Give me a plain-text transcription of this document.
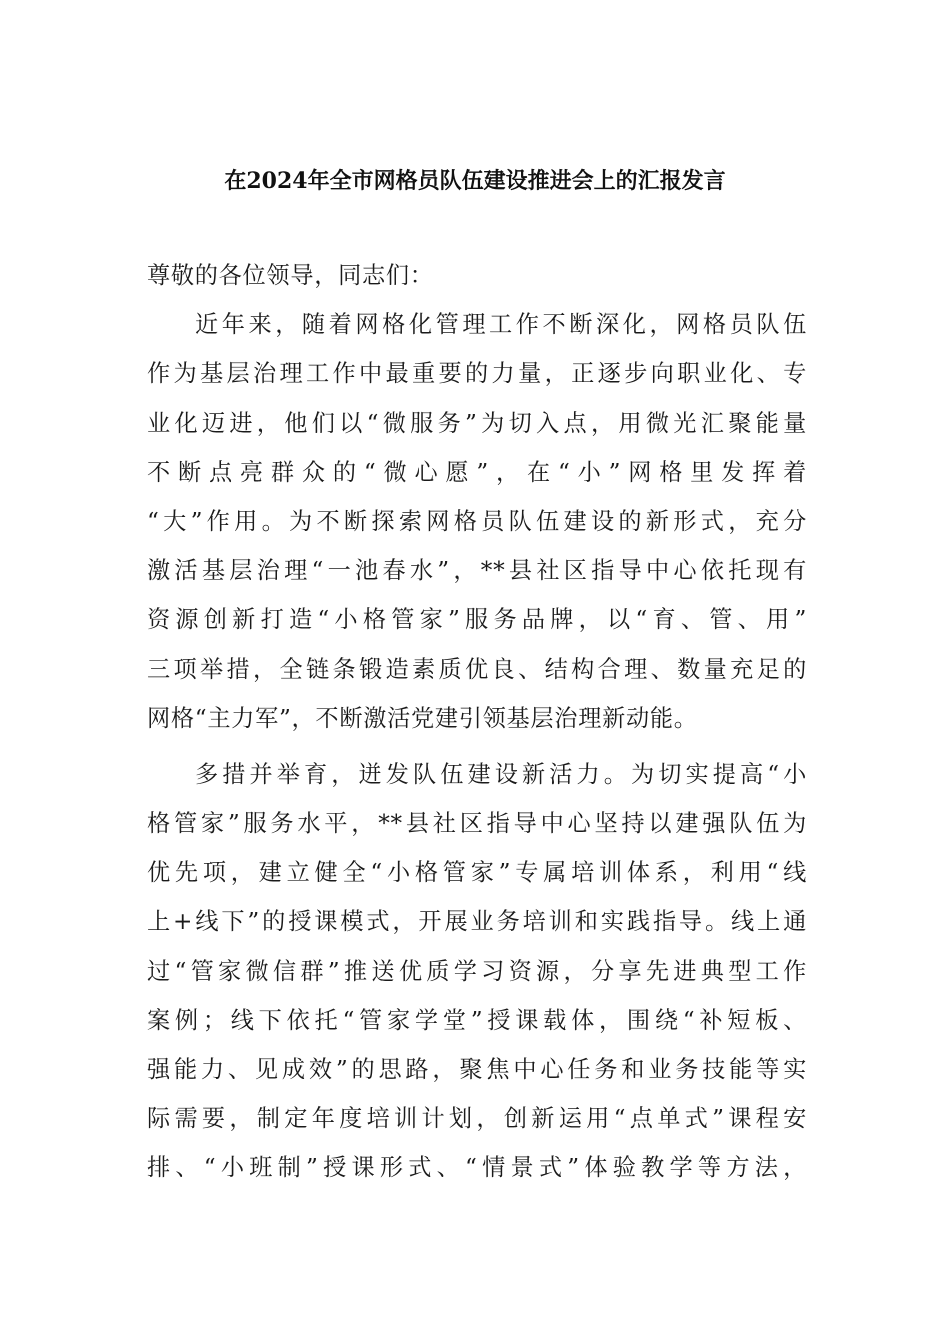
在2024年全市网格员队伍建设推进会上的汇报发言
尊敬的各位领导，同志们：
近年来，随着网格化管理工作不断深化，网格员队伍
作为基层治理工作中最重要的力量，正逐步向职业化、专
业化迈进，他们以“微服务”为切入点，用微光汇聚能量
不断点亮群众的“微心愿”，在“小”网格里发挥着
“大”作用。为不断探索网格员队伍建设的新形式，充分
激活基层治理“一池春水”，**县社区指导中心依托现有
资源创新打造“小格管家”服务品牌，以“育、管、用”
三项举措，全链条锻造素质优良、结构合理、数量充足的
网格“主力军”，不断激活党建引领基层治理新动能。
多措并举育，迸发队伍建设新活力。为切实提高“小
格管家”服务水平，**县社区指导中心坚持以建强队伍为
优先项，建立健全“小格管家”专属培训体系，利用“线
上+线下”的授课模式，开展业务培训和实践指导。线上通
过“管家微信群”推送优质学习资源，分享先进典型工作
案例；线下依托“管家学堂”授课载体，围绕“补短板、
强能力、见成效”的思路，聚焦中心任务和业务技能等实
际需要，制定年度培训计划，创新运用“点单式”课程安
排、“小班制”授课形式、“情景式”体验教学等方法，
